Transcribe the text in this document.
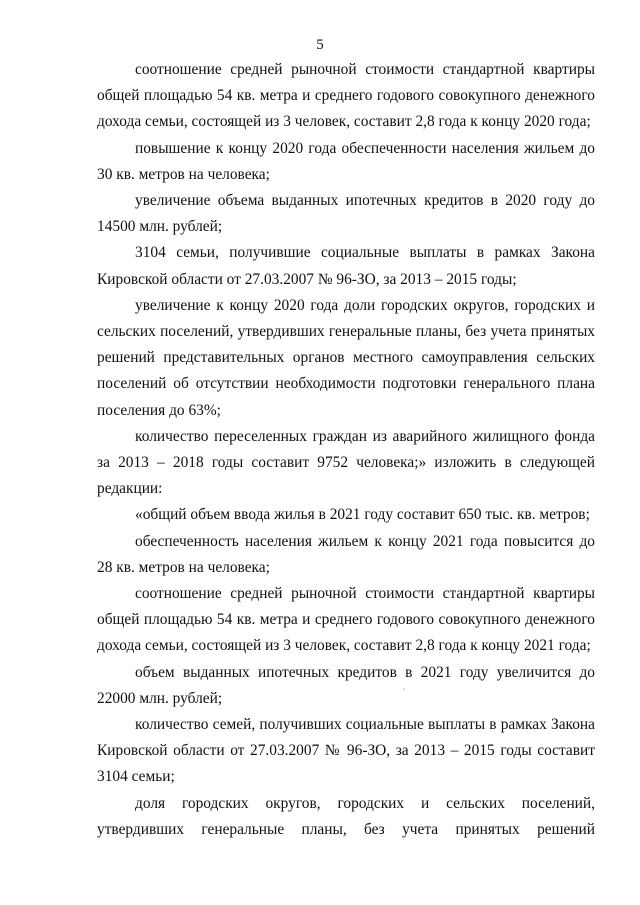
5

соотношение средней рыночной стоимости стандартной квартиры общей площадью 54 кв. метра и среднего годового совокупного денежного дохода семьи, состоящей из 3 человек, составит 2,8 года к концу 2020 года;

повышение к концу 2020 года обеспеченности населения жильем до 30 кв. метров на человека;

увеличение объема выданных ипотечных кредитов в 2020 году до 14500 млн. рублей;

3104 семьи, получившие социальные выплаты в рамках Закона Кировской области от 27.03.2007 № 96-ЗО, за 2013 – 2015 годы;

увеличение к концу 2020 года доли городских округов, городских и сельских поселений, утвердивших генеральные планы, без учета принятых решений представительных органов местного самоуправления сельских поселений об отсутствии необходимости подготовки генерального плана поселения до 63%;

количество переселенных граждан из аварийного жилищного фонда за 2013 – 2018 годы составит 9752 человека;» изложить в следующей редакции:

«общий объем ввода жилья в 2021 году составит 650 тыс. кв. метров;

обеспеченность населения жильем к концу 2021 года повысится до 28 кв. метров на человека;

соотношение средней рыночной стоимости стандартной квартиры общей площадью 54 кв. метра и среднего годового совокупного денежного дохода семьи, состоящей из 3 человек, составит 2,8 года к концу 2021 года;

объем выданных ипотечных кредитов в 2021 году увеличится до 22000 млн. рублей;

количество семей, получивших социальные выплаты в рамках Закона Кировской области от 27.03.2007 № 96-ЗО, за 2013 – 2015 годы составит 3104 семьи;

доля городских округов, городских и сельских поселений, утвердивших генеральные планы, без учета принятых решений
